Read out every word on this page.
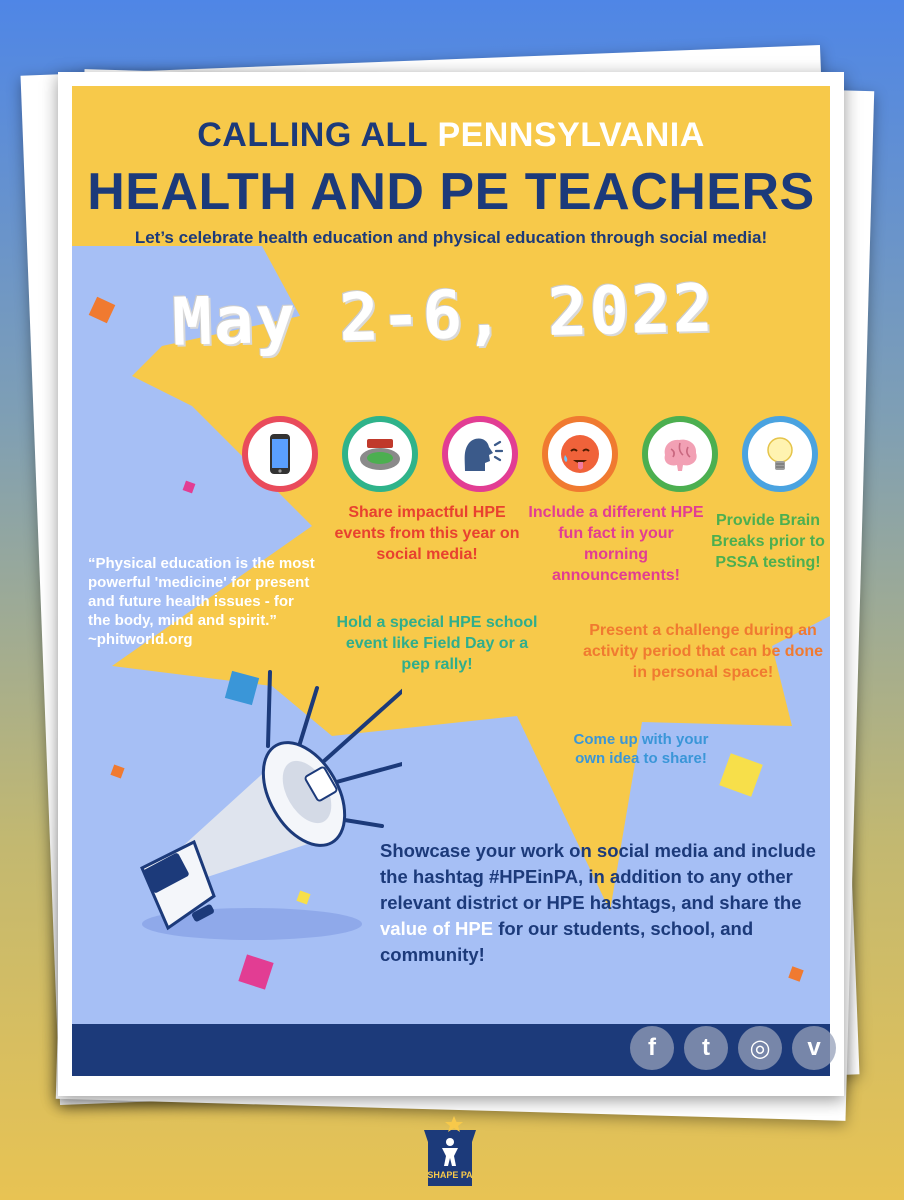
CALLING ALL PENNSYLVANIA
HEALTH AND PE TEACHERS
Let’s celebrate health education and physical education through social media!
May 2-6, 2022
Share impactful HPE events from this year on social media!
Include a different HPE fun fact in your morning announcements!
Provide Brain Breaks prior to PSSA testing!
Hold a special HPE school event like Field Day or a pep rally!
Present a challenge during an activity period that can be done in personal space!
Come up with your own idea to share!
“Physical education is the most powerful 'medicine' for present and future health issues - for the body, mind and spirit.”
~phitworld.org
Showcase your work on social media and include the hashtag #HPEinPA, in addition to any other relevant district or HPE hashtags, and share the value of HPE for our students, school, and community!
f t ◎ v
SHAPE PA
